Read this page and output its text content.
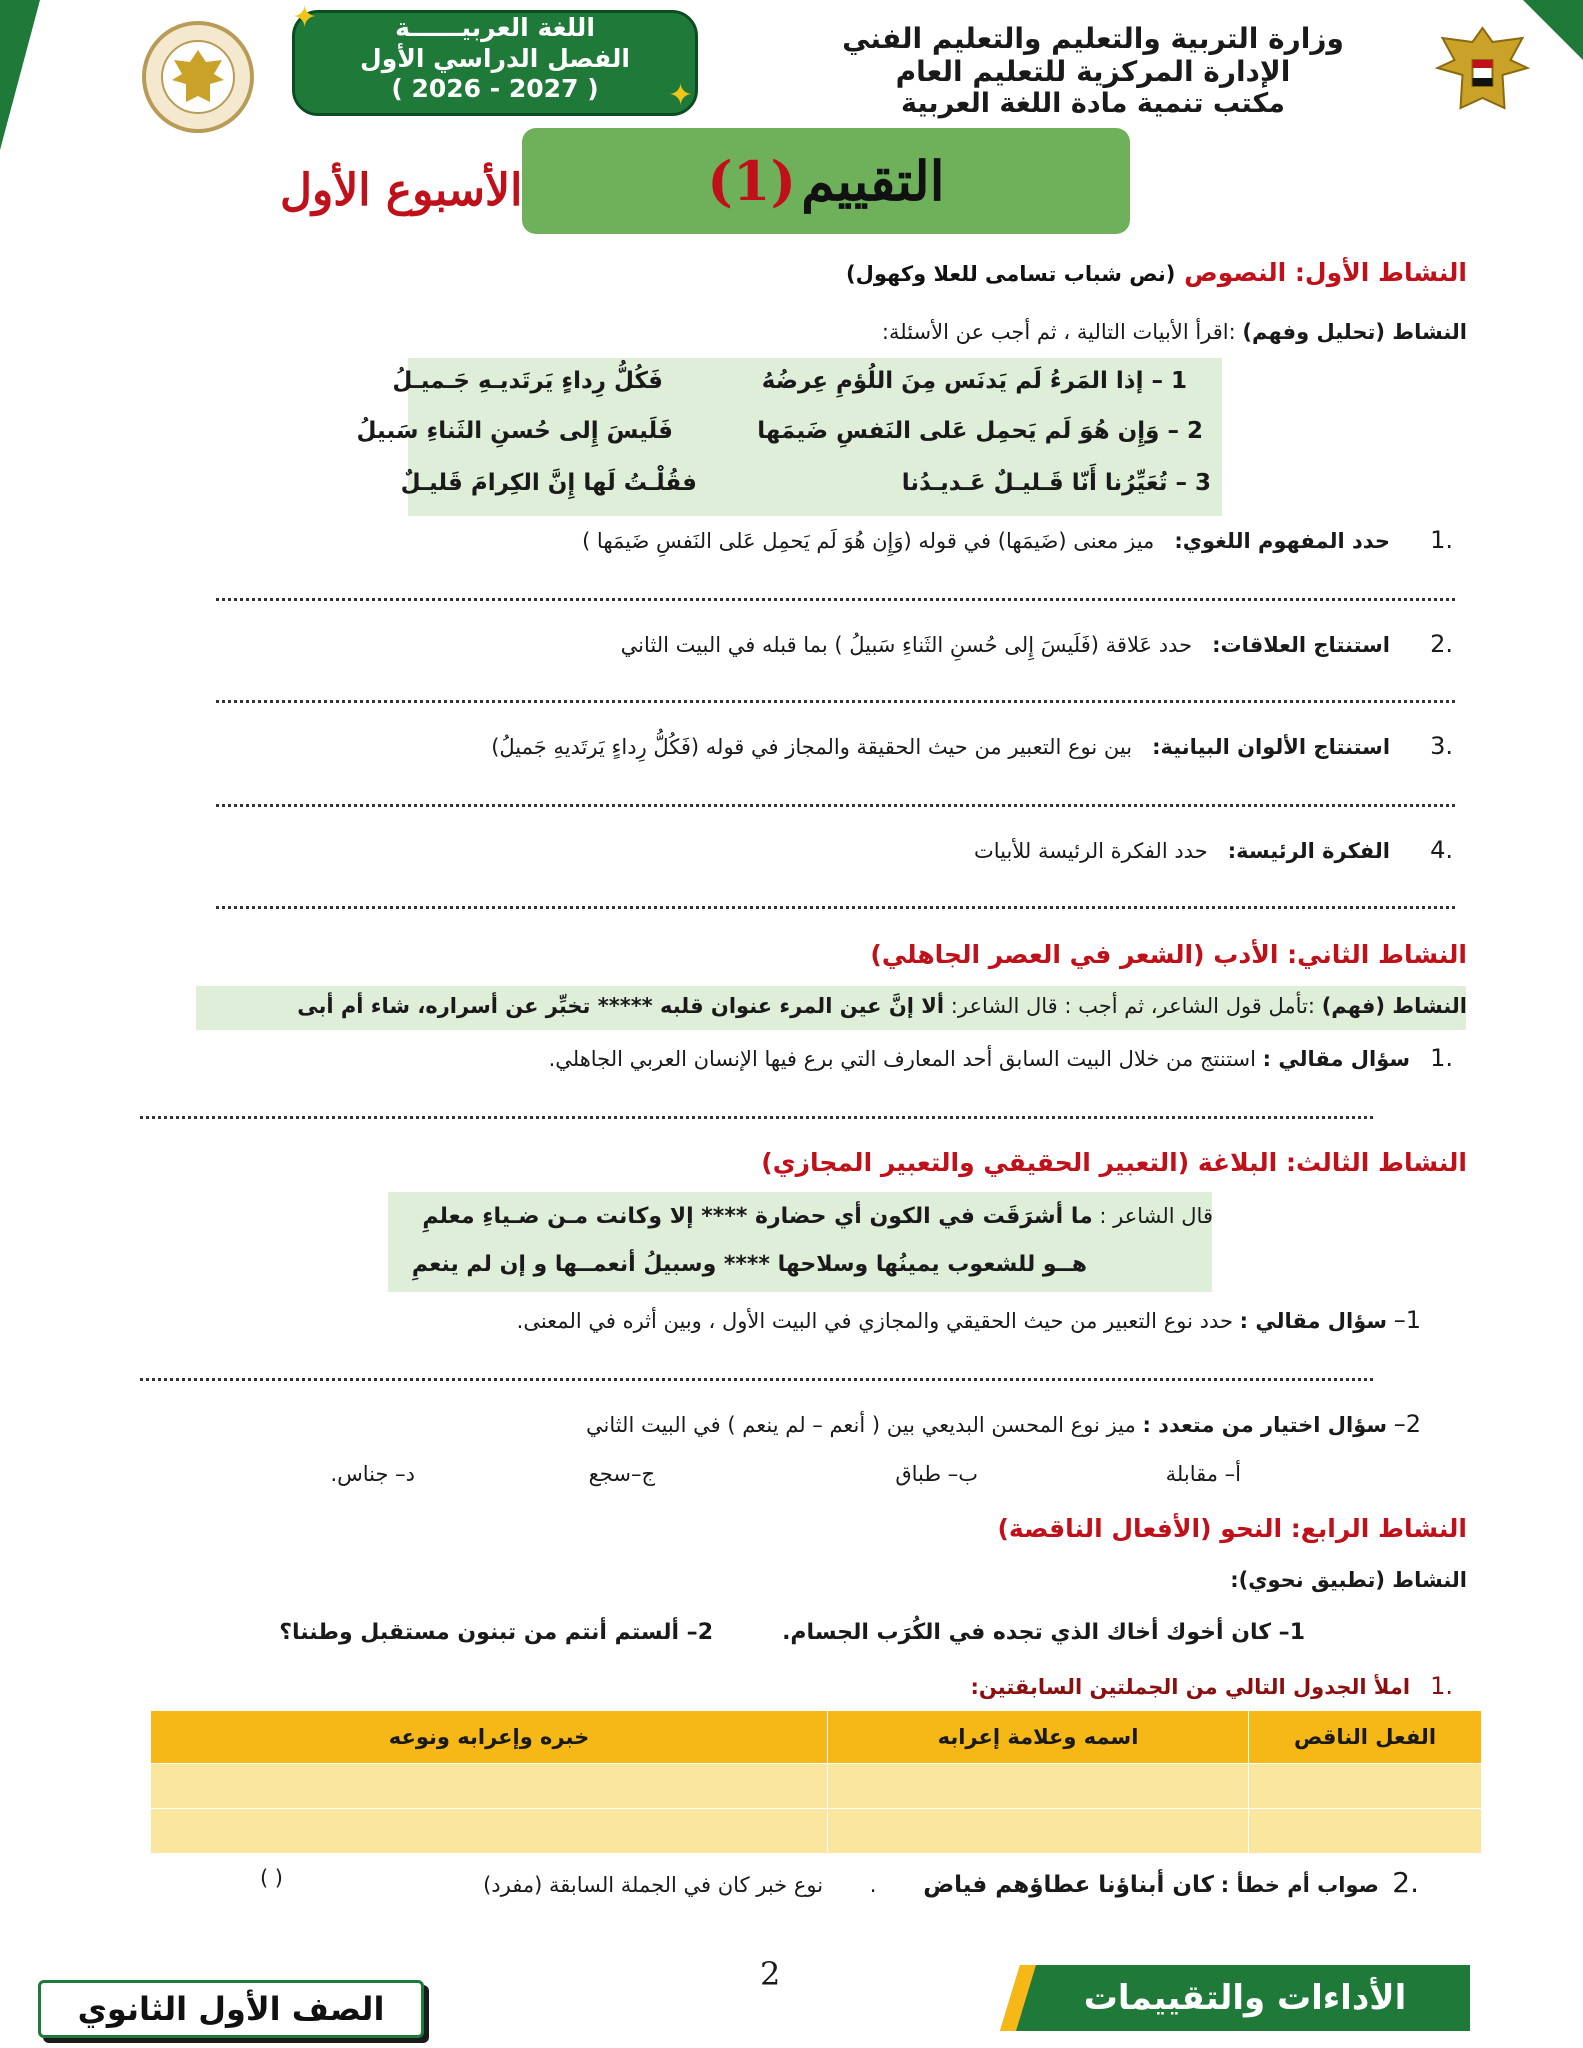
وزارة التربية والتعليم والتعليم الفني
الإدارة المركزية للتعليم العام
مكتب تنمية مادة اللغة العربية
اللغة العربيــــــة
الفصل الدراسي الأول
( 2027 - 2026 )
✦
✦
التقييم (1)
الأسبوع الأول
النشاط الأول: النصوص (نص شباب تسامى للعلا وكهول)
النشاط (تحليل وفهم) :اقرأ الأبيات التالية ، ثم أجب عن الأسئلة:
1 – إذا المَرءُ لَم يَدنَس مِنَ اللُؤمِ عِرضُهُ
فَكُلُّ رِداءٍ يَرتَديـهِ جَـميـلُ
2 – وَإِن هُوَ لَم يَحمِل عَلى النَفسِ ضَيمَها
فَلَيسَ إِلى حُسنِ الثَناءِ سَبيلُ
3 – تُعَيِّرُنا أَنّا قَـليـلٌ عَـديـدُنا
فقُلْـتُ لَها إِنَّ الكِرامَ قَليـلٌ
.1      حدد المفهوم اللغوي:   ميز معنى (ضَيمَها) في قوله (وَإِن هُوَ لَم يَحمِل عَلى النَفسِ ضَيمَها )
.2      استنتاج العلاقات:   حدد عَلاقة (فَلَيسَ إِلى حُسنِ الثَناءِ سَبيلُ ) بما قبله في البيت الثاني
.3      استنتاج الألوان البيانية:   بين نوع التعبير من حيث الحقيقة والمجاز في قوله (فَكُلُّ رِداءٍ يَرتَديهِ جَميلُ)
.4      الفكرة الرئيسة:   حدد الفكرة الرئيسة للأبيات
النشاط الثاني: الأدب (الشعر في العصر الجاهلي)
النشاط (فهم) :تأمل قول الشاعر، ثم أجب : قال الشاعر: ألا إنَّ عين المرء عنوان قلبه ***** تخبِّر عن أسراره، شاء أم أبى
.1   سؤال مقالي : استنتج من خلال البيت السابق أحد المعارف التي برع فيها الإنسان العربي الجاهلي.
النشاط الثالث: البلاغة (التعبير الحقيقي والتعبير المجازي)
قال الشاعر : ما أشرَقَت في الكون أي حضارة **** إلا وكانت مـن ضـياءِ معلمِ
هــو للشعوب يمينُها وسلاحها **** وسبيلُ أنعمــها و إن لم ينعمِ
1– سؤال مقالي : حدد نوع التعبير من حيث الحقيقي والمجازي في البيت الأول ، وبين أثره في المعنى.
2– سؤال اختيار من متعدد : ميز نوع المحسن البديعي بين ( أنعم – لم ينعم ) في البيت الثاني
أ– مقابلة
ب– طباق
ج–سجع
د– جناس.
النشاط الرابع: النحو (الأفعال الناقصة)
النشاط (تطبيق نحوي):
1– كان أخوك أخاك الذي تجده في الكُرَب الجسام.
2– ألستم أنتم من تبنون مستقبل وطننا؟
.1   املأ الجدول التالي من الجملتين السابقتين:
الفعل الناقص	اسمه وعلامة إعرابه	خبره وإعرابه ونوعه

.2  صواب أم خطأ : كان أبناؤنا عطاؤهم فياض       .       نوع خبر كان في الجملة السابقة (مفرد)
( )
2
الأداءات والتقييمات
الصف الأول الثانوي
